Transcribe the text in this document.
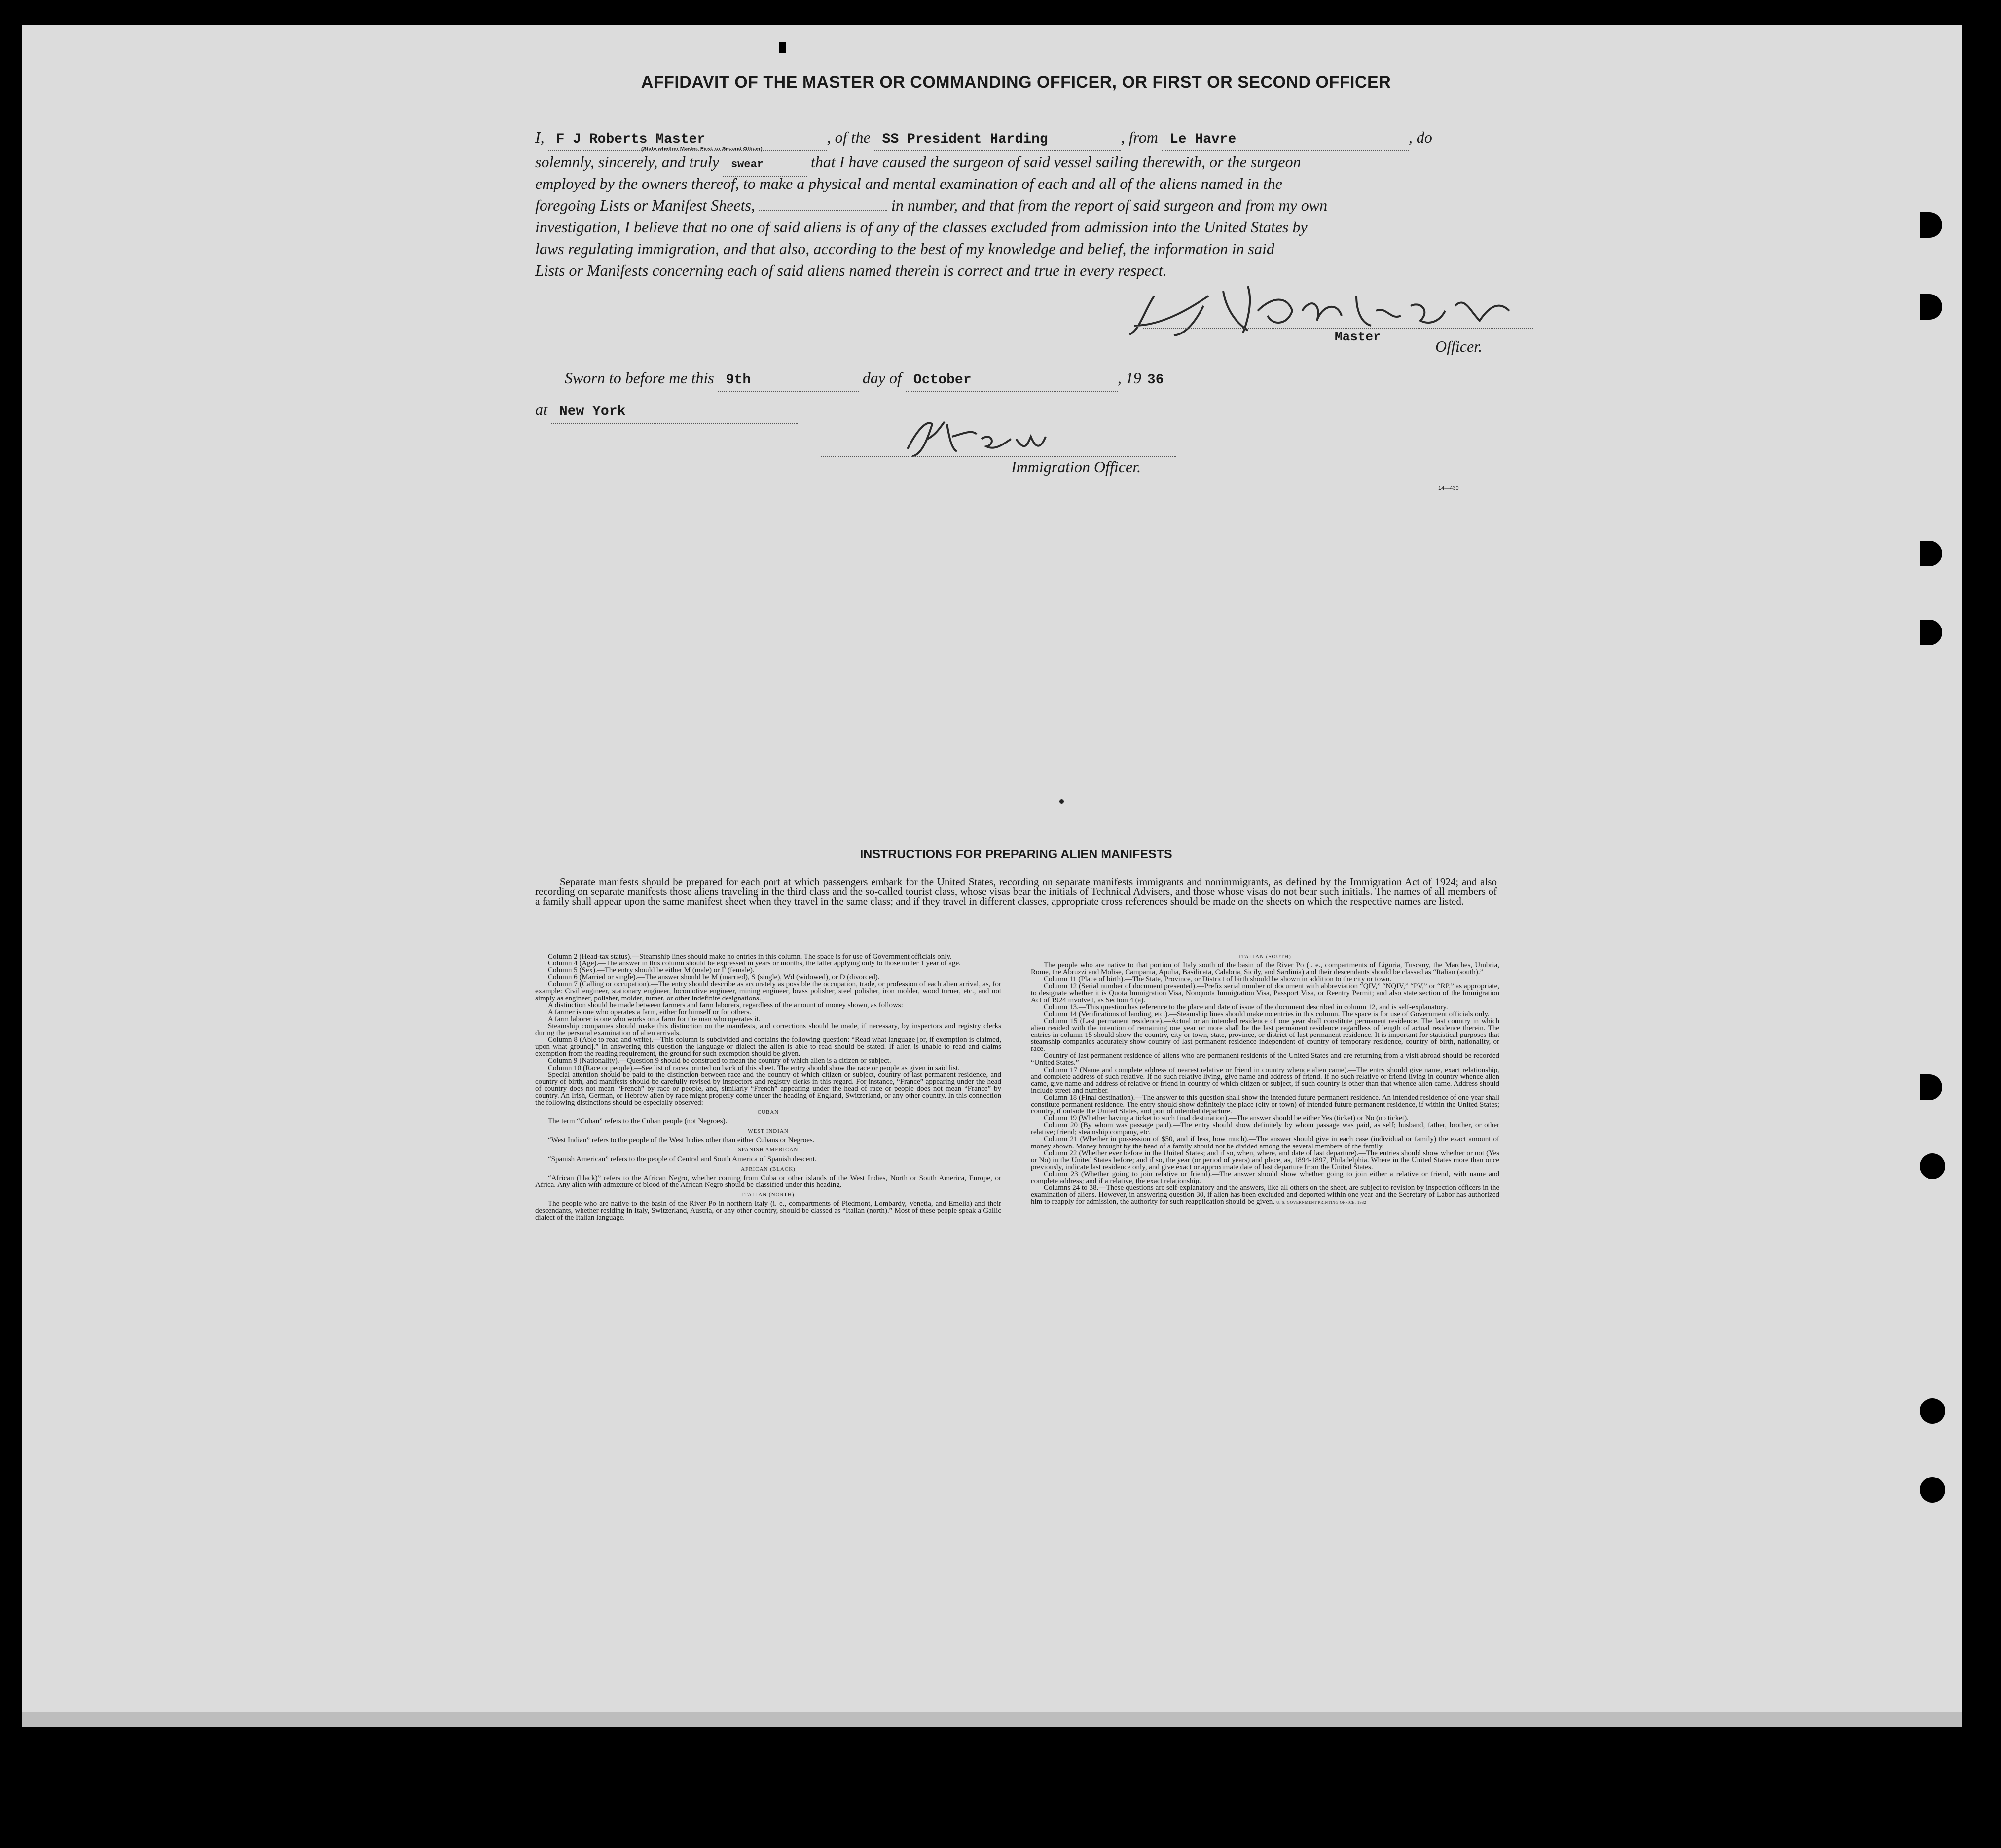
AFFIDAVIT OF THE MASTER OR COMMANDING OFFICER, OR FIRST OR SECOND OFFICER
I, F J Roberts Master	, of the SS President Harding	, from Le Havre	, do
(State whether Master, First, or Second Officer)
solemnly, sincerely, and truly swear	that I have caused the surgeon of said vessel sailing therewith, or the surgeon
employed by the owners thereof, to make a physical and mental examination of each and all of the aliens named in the
foregoing Lists or Manifest Sheets,	in number, and that from the report of said surgeon and from my own
investigation, I believe that no one of said aliens is of any of the classes excluded from admission into the United States by
laws regulating immigration, and that also, according to the best of my knowledge and belief, the information in said
Lists or Manifests concerning each of said aliens named therein is correct and true in every respect.
Master
Officer.
Sworn to before me this 9th	day of October	, 19 36
at New York
Immigration Officer.
14—430
INSTRUCTIONS FOR PREPARING ALIEN MANIFESTS
Separate manifests should be prepared for each port at which passengers embark for the United States, recording on separate manifests immigrants and nonimmigrants, as defined by the Immigration Act of 1924; and also recording on separate manifests those aliens traveling in the third class and the so-called tourist class, whose visas bear the initials of Technical Advisers, and those whose visas do not bear such initials. The names of all members of a family shall appear upon the same manifest sheet when they travel in the same class; and if they travel in different classes, appropriate cross references should be made on the sheets on which the respective names are listed.

Column 2 (Head-tax status).—Steamship lines should make no entries in this column. The space is for use of Government officials only.

Column 4 (Age).—The answer in this column should be expressed in years or months, the latter applying only to those under 1 year of age.

Column 5 (Sex).—The entry should be either M (male) or F (female).

Column 6 (Married or single).—The answer should be M (married), S (single), Wd (widowed), or D (divorced).

Column 7 (Calling or occupation).—The entry should describe as accurately as possible the occupation, trade, or profession of each alien arrival, as, for example: Civil engineer, stationary engineer, locomotive engineer, mining engineer, brass polisher, steel polisher, iron molder, wood turner, etc., and not simply as engineer, polisher, molder, turner, or other indefinite designations.

A distinction should be made between farmers and farm laborers, regardless of the amount of money shown, as follows:

A farmer is one who operates a farm, either for himself or for others.

A farm laborer is one who works on a farm for the man who operates it.

Steamship companies should make this distinction on the manifests, and corrections should be made, if necessary, by inspectors and registry clerks during the personal examination of alien arrivals.

Column 8 (Able to read and write).—This column is subdivided and contains the following question: “Read what language [or, if exemption is claimed, upon what ground].” In answering this question the language or dialect the alien is able to read should be stated. If alien is unable to read and claims exemption from the reading requirement, the ground for such exemption should be given.

Column 9 (Nationality).—Question 9 should be construed to mean the country of which alien is a citizen or subject.

Column 10 (Race or people).—See list of races printed on back of this sheet. The entry should show the race or people as given in said list.

Special attention should be paid to the distinction between race and the country of which citizen or subject, country of last permanent residence, and country of birth, and manifests should be carefully revised by inspectors and registry clerks in this regard. For instance, “France” appearing under the head of country does not mean “French” by race or people, and, similarly “French” appearing under the head of race or people does not mean “France” by country. An Irish, German, or Hebrew alien by race might properly come under the heading of England, Switzerland, or any other country. In this connection the following distinctions should be especially observed:

CUBAN

The term “Cuban” refers to the Cuban people (not Negroes).

WEST INDIAN

“West Indian” refers to the people of the West Indies other than either Cubans or Negroes.

SPANISH AMERICAN

“Spanish American” refers to the people of Central and South America of Spanish descent.

AFRICAN (BLACK)

“African (black)” refers to the African Negro, whether coming from Cuba or other islands of the West Indies, North or South America, Europe, or Africa. Any alien with admixture of blood of the African Negro should be classified under this heading.

ITALIAN (NORTH)

The people who are native to the basin of the River Po in northern Italy (i. e., compartments of Piedmont, Lombardy, Venetia, and Emelia) and their descendants, whether residing in Italy, Switzerland, Austria, or any other country, should be classed as “Italian (north).” Most of these people speak a Gallic dialect of the Italian language.

ITALIAN (SOUTH)

The people who are native to that portion of Italy south of the basin of the River Po (i. e., compartments of Liguria, Tuscany, the Marches, Umbria, Rome, the Abruzzi and Molise, Campania, Apulia, Basilicata, Calabria, Sicily, and Sardinia) and their descendants should be classed as “Italian (south).”

Column 11 (Place of birth).—The State, Province, or District of birth should be shown in addition to the city or town.

Column 12 (Serial number of document presented).—Prefix serial number of document with abbreviation “QIV,” “NQIV,” “PV,” or “RP,” as appropriate, to designate whether it is Quota Immigration Visa, Nonquota Immigration Visa, Passport Visa, or Reentry Permit; and also state section of the Immigration Act of 1924 involved, as Section 4 (a).

Column 13.—This question has reference to the place and date of issue of the document described in column 12, and is self-explanatory.

Column 14 (Verifications of landing, etc.).—Steamship lines should make no entries in this column. The space is for use of Government officials only.

Column 15 (Last permanent residence).—Actual or an intended residence of one year shall constitute permanent residence. The last country in which alien resided with the intention of remaining one year or more shall be the last permanent residence regardless of length of actual residence therein. The entries in column 15 should show the country, city or town, state, province, or district of last permanent residence. It is important for statistical purposes that steamship companies accurately show country of last permanent residence independent of country of temporary residence, country of birth, nationality, or race.

Country of last permanent residence of aliens who are permanent residents of the United States and are returning from a visit abroad should be recorded “United States.”

Column 17 (Name and complete address of nearest relative or friend in country whence alien came).—The entry should give name, exact relationship, and complete address of such relative. If no such relative living, give name and address of friend. If no such relative or friend living in country whence alien came, give name and address of relative or friend in country of which citizen or subject, if such country is other than that whence alien came. Address should include street and number.

Column 18 (Final destination).—The answer to this question shall show the intended future permanent residence. An intended residence of one year shall constitute permanent residence. The entry should show definitely the place (city or town) of intended future permanent residence, if within the United States; country, if outside the United States, and port of intended departure.

Column 19 (Whether having a ticket to such final destination).—The answer should be either Yes (ticket) or No (no ticket).

Column 20 (By whom was passage paid).—The entry should show definitely by whom passage was paid, as self; husband, father, brother, or other relative; friend; steamship company, etc.

Column 21 (Whether in possession of $50, and if less, how much).—The answer should give in each case (individual or family) the exact amount of money shown. Money brought by the head of a family should not be divided among the several members of the family.

Column 22 (Whether ever before in the United States; and if so, when, where, and date of last departure).—The entries should show whether or not (Yes or No) in the United States before; and if so, the year (or period of years) and place, as, 1894-1897, Philadelphia. Where in the United States more than once previously, indicate last residence only, and give exact or approximate date of last departure from the United States.

Column 23 (Whether going to join relative or friend).—The answer should show whether going to join either a relative or friend, with name and complete address; and if a relative, the exact relationship.

Columns 24 to 38.—These questions are self-explanatory and the answers, like all others on the sheet, are subject to revision by inspection officers in the examination of aliens. However, in answering question 30, if alien has been excluded and deported within one year and the Secretary of Labor has authorized him to reapply for admission, the authority for such reapplication should be given. U. S. GOVERNMENT PRINTING OFFICE: 1932
